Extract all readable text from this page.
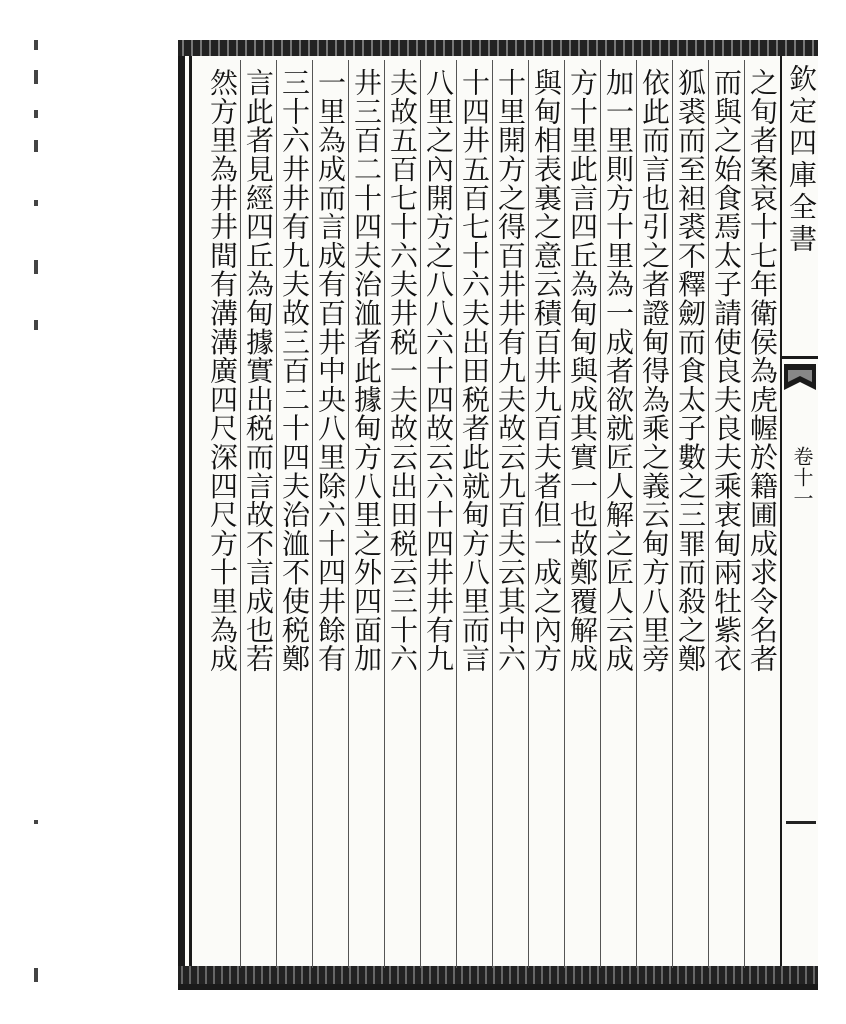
之旬者案哀十七年衛侯為虎幄於籍圃成求令名者
而與之始食焉太子請使良夫良夫乘衷甸兩牡紫衣
狐裘而至袒裘不釋劒而食太子數之三罪而殺之鄭
依此而言也引之者證甸得為乘之義云甸方八里旁
加一里則方十里為一成者欲就匠人解之匠人云成
方十里此言四丘為甸甸與成其實一也故鄭覆解成
與甸相表裏之意云積百井九百夫者但一成之內方
十里開方之得百井井有九夫故云九百夫云其中六
十四井五百七十六夫出田税者此就甸方八里而言
八里之內開方之八八六十四故云六十四井井有九
夫故五百七十六夫井税一夫故云出田税云三十六
井三百二十四夫治洫者此據甸方八里之外四面加
一里為成而言成有百井中央八里除六十四井餘有
三十六井井有九夫故三百二十四夫治洫不使税鄭
言此者見經四丘為甸據實出税而言故不言成也若
然方里為井井間有溝溝廣四尺深四尺方十里為成	欽定四庫全書
卷十一
